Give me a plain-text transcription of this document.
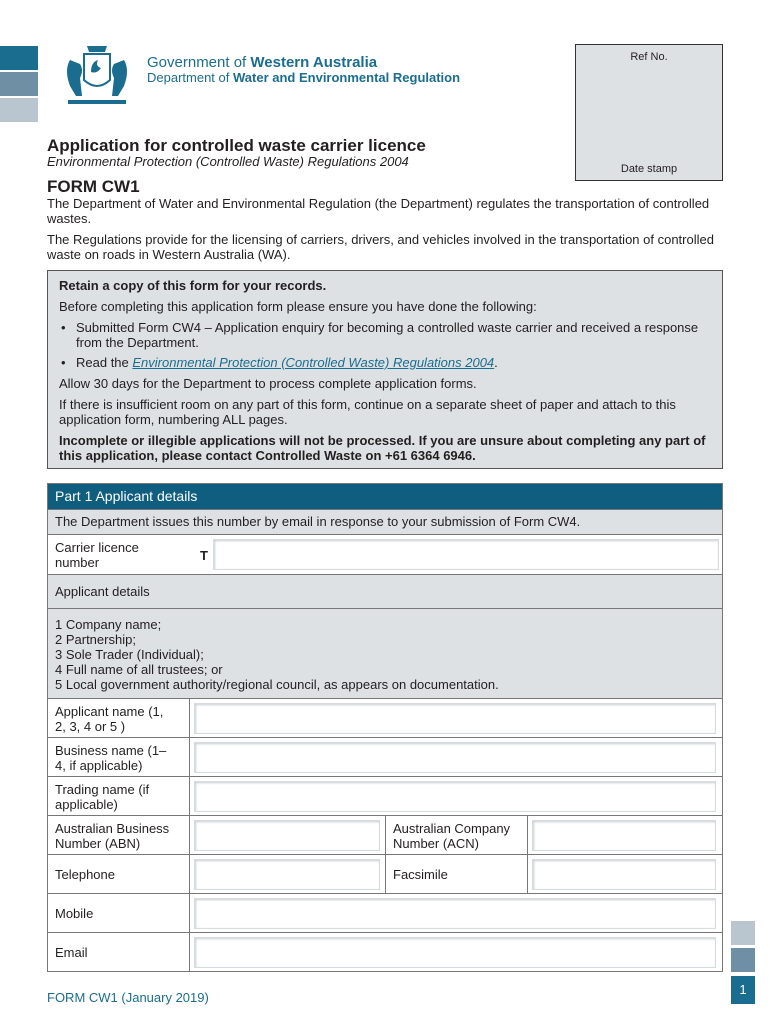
Government of Western Australia
Department of Water and Environmental Regulation
Ref No.
Date stamp
Application for controlled waste carrier licence
Environmental Protection (Controlled Waste) Regulations 2004
FORM CW1
The Department of Water and Environmental Regulation (the Department) regulates the transportation of controlled wastes.
The Regulations provide for the licensing of carriers, drivers, and vehicles involved in the transportation of controlled waste on roads in Western Australia (WA).

Retain a copy of this form for your records.

Before completing this application form please ensure you have done the following:

• Submitted Form CW4 – Application enquiry for becoming a controlled waste carrier and received a response from the Department.
• Read the Environmental Protection (Controlled Waste) Regulations 2004.

Allow 30 days for the Department to process complete application forms.

If there is insufficient room on any part of this form, continue on a separate sheet of paper and attach to this application form, numbering ALL pages.

Incomplete or illegible applications will not be processed. If you are unsure about completing any part of this application, please contact Controlled Waste on +61 6364 6946.

Part 1 Applicant details
The Department issues this number by email in response to your submission of Form CW4.
Carrier licence number	T
Applicant details
1 Company name;
2 Partnership;
3 Sole Trader (Individual);
4 Full name of all trustees; or
5 Local government authority/regional council, as appears on documentation.
Applicant name (1, 2, 3, 4 or 5 )
Business name (1–4, if applicable)
Trading name (if applicable)
Australian Business Number (ABN)
Australian Company Number (ACN)
Telephone	Facsimile
Mobile
Email
FORM CW1 (January 2019)
1
